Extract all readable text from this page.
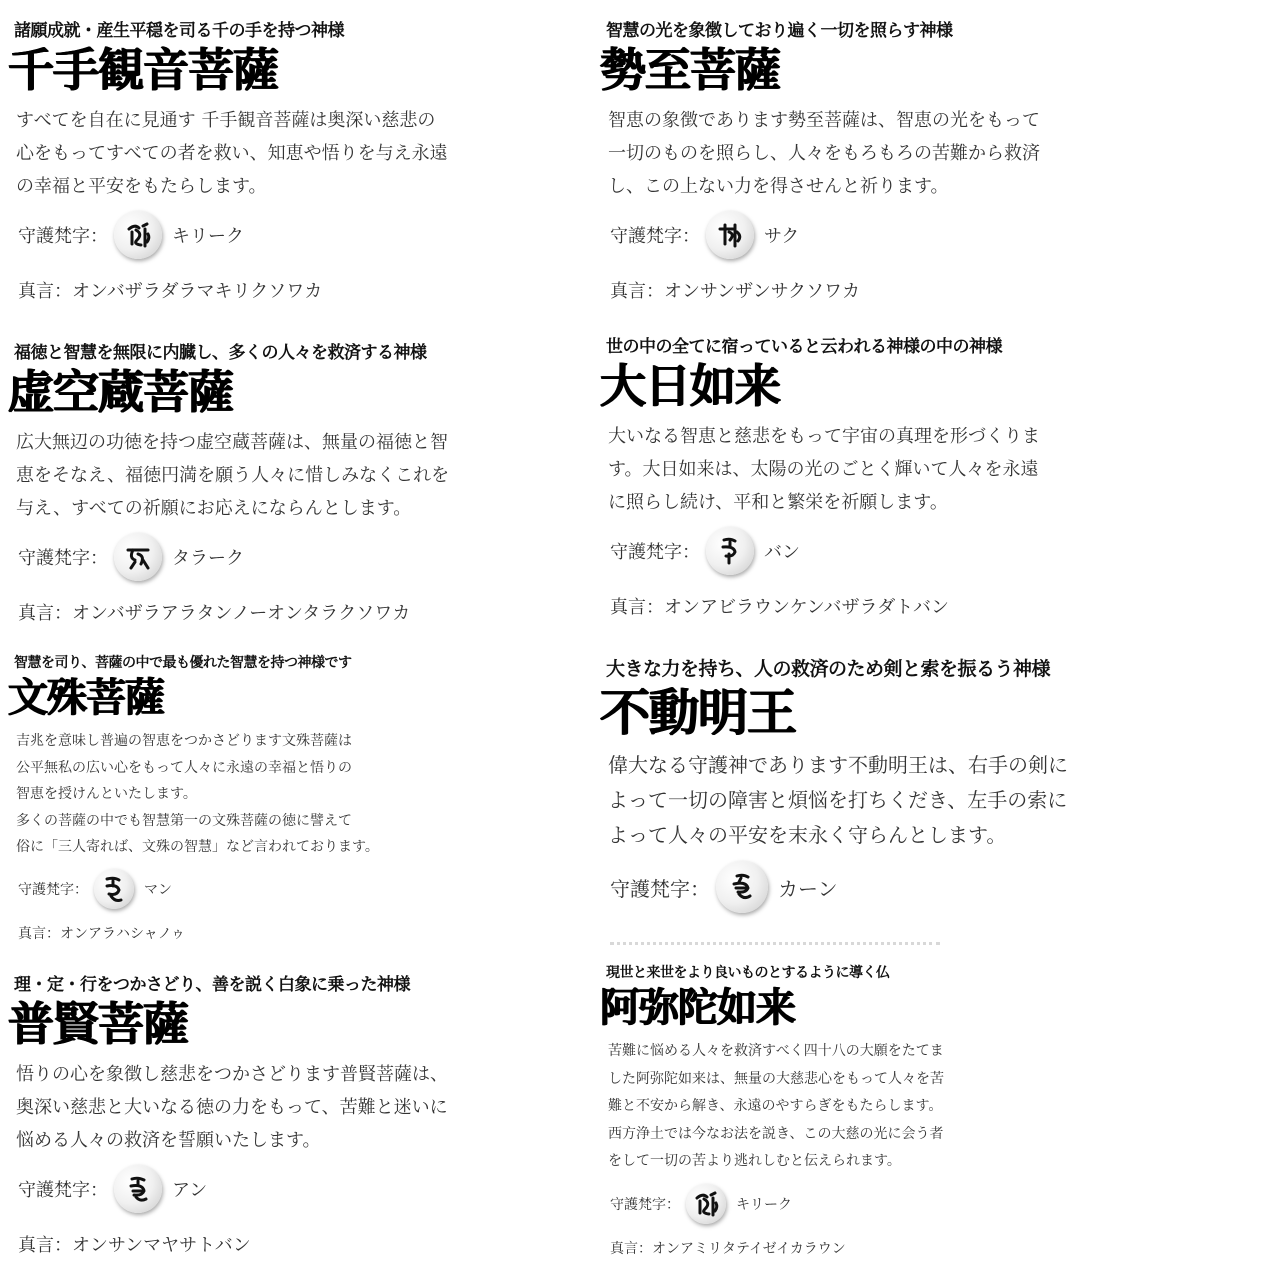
諸願成就・産生平穏を司る千の手を持つ神様
千手観音菩薩
すべてを自在に見通す 千手観音菩薩は奥深い慈悲の
心をもってすべての者を救い、知恵や悟りを与え永遠
の幸福と平安をもたらします。
守護梵字：	キリーク
真言：オンバザラダラマキリクソワカ
福徳と智慧を無限に内臓し、多くの人々を救済する神様
虚空蔵菩薩
広大無辺の功徳を持つ虚空蔵菩薩は、無量の福徳と智
恵をそなえ、福徳円満を願う人々に惜しみなくこれを
与え、すべての祈願にお応えにならんとします。
守護梵字：	タラーク
真言：オンバザラアラタンノーオンタラクソワカ
智慧を司り、菩薩の中で最も優れた智慧を持つ神様です
文殊菩薩
吉兆を意味し普遍の智恵をつかさどります文殊菩薩は
公平無私の広い心をもって人々に永遠の幸福と悟りの
智恵を授けんといたします。
多くの菩薩の中でも智慧第一の文殊菩薩の徳に譬えて
俗に「三人寄れば、文殊の智慧」など言われております。
守護梵字：	マン
真言：オンアラハシャノゥ
理・定・行をつかさどり、善を説く白象に乗った神様
普賢菩薩
悟りの心を象徴し慈悲をつかさどります普賢菩薩は、
奥深い慈悲と大いなる徳の力をもって、苦難と迷いに
悩める人々の救済を誓願いたします。
守護梵字：	アン
真言：オンサンマヤサトバン
智慧の光を象徴しており遍く一切を照らす神様
勢至菩薩
智恵の象徴であります勢至菩薩は、智恵の光をもって
一切のものを照らし、人々をもろもろの苦難から救済
し、この上ない力を得させんと祈ります。
守護梵字：	サク
真言：オンサンザンサクソワカ
世の中の全てに宿っていると云われる神様の中の神様
大日如来
大いなる智恵と慈悲をもって宇宙の真理を形づくりま
す。大日如来は、太陽の光のごとく輝いて人々を永遠
に照らし続け、平和と繁栄を祈願します。
守護梵字：	バン
真言：オンアビラウンケンバザラダトバン
大きな力を持ち、人の救済のため剣と索を振るう神様
不動明王
偉大なる守護神であります不動明王は、右手の剣に
よって一切の障害と煩悩を打ちくだき、左手の索に
よって人々の平安を末永く守らんとします。
守護梵字：	カーン
現世と来世をより良いものとするように導く仏
阿弥陀如来
苦難に悩める人々を救済すべく四十八の大願をたてま
した阿弥陀如来は、無量の大慈悲心をもって人々を苦
難と不安から解き、永遠のやすらぎをもたらします。
西方浄土では今なお法を説き、この大慈の光に会う者
をして一切の苦より逃れしむと伝えられます。
守護梵字：	キリーク
真言：オンアミリタテイゼイカラウン
